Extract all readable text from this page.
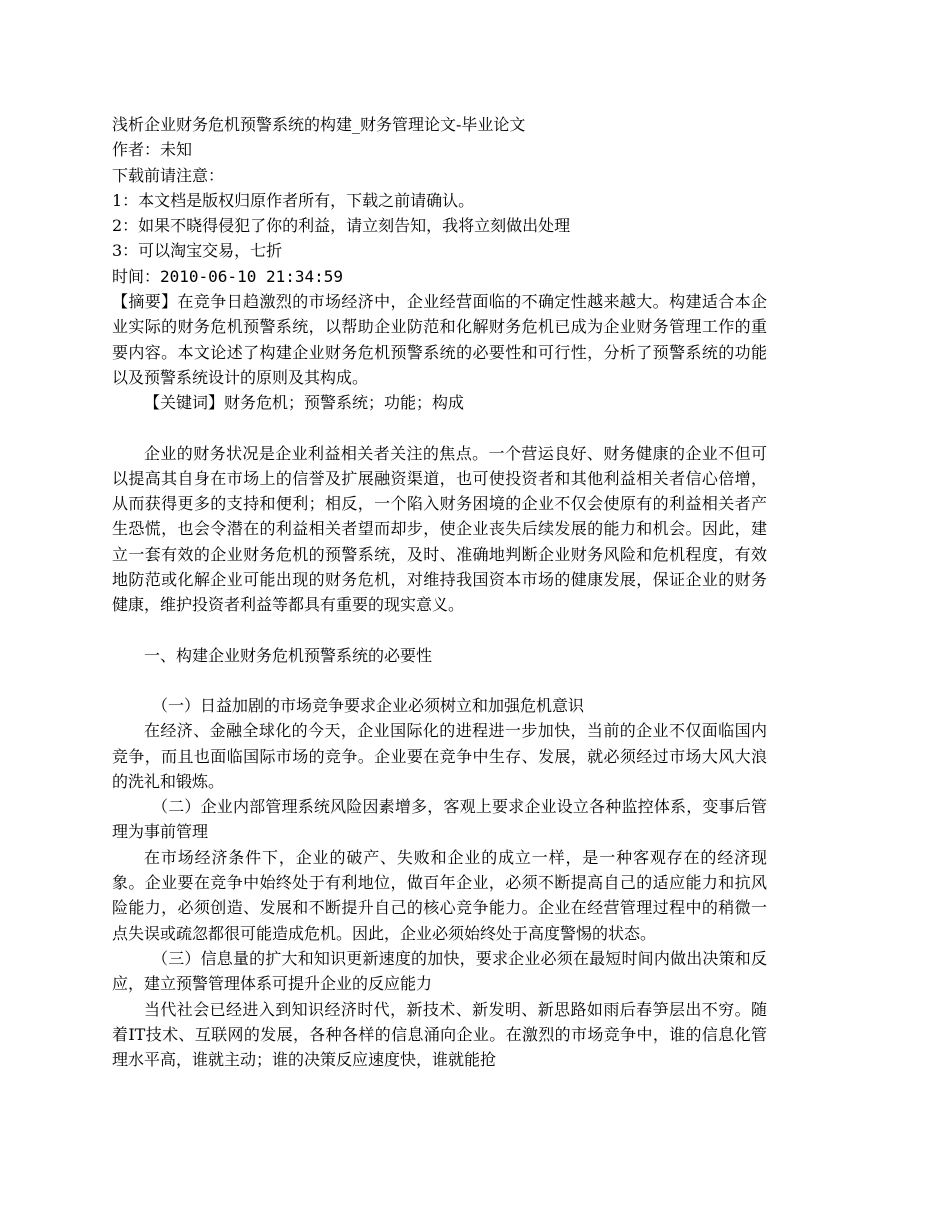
浅析企业财务危机预警系统的构建_财务管理论文-毕业论文

作者：未知

下载前请注意：

1：本文档是版权归原作者所有，下载之前请确认。

2：如果不晓得侵犯了你的利益，请立刻告知，我将立刻做出处理

3：可以淘宝交易，七折

时间：2010-06-10 21:34:59

【摘要】在竞争日趋激烈的市场经济中，企业经营面临的不确定性越来越大。构建适合本企业实际的财务危机预警系统，以帮助企业防范和化解财务危机已成为企业财务管理工作的重要内容。本文论述了构建企业财务危机预警系统的必要性和可行性，分析了预警系统的功能以及预警系统设计的原则及其构成。

【关键词】财务危机；预警系统；功能；构成

企业的财务状况是企业利益相关者关注的焦点。一个营运良好、财务健康的企业不但可以提高其自身在市场上的信誉及扩展融资渠道，也可使投资者和其他利益相关者信心倍增，从而获得更多的支持和便利；相反，一个陷入财务困境的企业不仅会使原有的利益相关者产生恐慌，也会令潜在的利益相关者望而却步，使企业丧失后续发展的能力和机会。因此，建立一套有效的企业财务危机的预警系统，及时、准确地判断企业财务风险和危机程度，有效地防范或化解企业可能出现的财务危机，对维持我国资本市场的健康发展，保证企业的财务健康，维护投资者利益等都具有重要的现实意义。

一、构建企业财务危机预警系统的必要性

（一）日益加剧的市场竞争要求企业必须树立和加强危机意识

在经济、金融全球化的今天，企业国际化的进程进一步加快，当前的企业不仅面临国内竞争，而且也面临国际市场的竞争。企业要在竞争中生存、发展，就必须经过市场大风大浪的洗礼和锻炼。

（二）企业内部管理系统风险因素增多，客观上要求企业设立各种监控体系，变事后管理为事前管理

在市场经济条件下，企业的破产、失败和企业的成立一样，是一种客观存在的经济现象。企业要在竞争中始终处于有利地位，做百年企业，必须不断提高自己的适应能力和抗风险能力，必须创造、发展和不断提升自己的核心竞争能力。企业在经营管理过程中的稍微一点失误或疏忽都很可能造成危机。因此，企业必须始终处于高度警惕的状态。

（三）信息量的扩大和知识更新速度的加快，要求企业必须在最短时间内做出决策和反应，建立预警管理体系可提升企业的反应能力

当代社会已经进入到知识经济时代，新技术、新发明、新思路如雨后春笋层出不穷。随着IT技术、互联网的发展，各种各样的信息涌向企业。在激烈的市场竞争中，谁的信息化管理水平高，谁就主动；谁的决策反应速度快，谁就能抢
